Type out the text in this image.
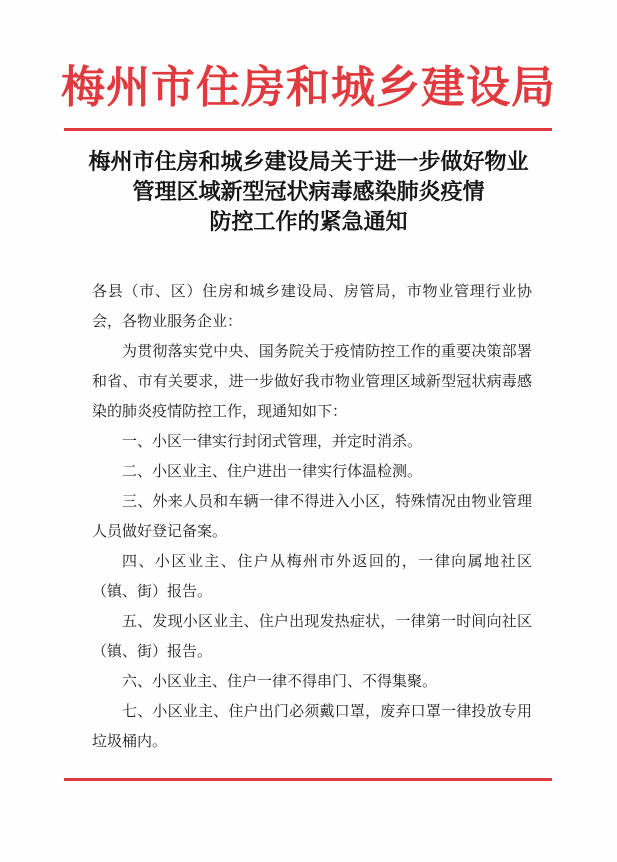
梅州市住房和城乡建设局
梅州市住房和城乡建设局关于进一步做好物业
管理区域新型冠状病毒感染肺炎疫情
防控工作的紧急通知

各县（市、区）住房和城乡建设局、房管局，市物业管理行业协会，各物业服务企业：

为贯彻落实党中央、国务院关于疫情防控工作的重要决策部署和省、市有关要求，进一步做好我市物业管理区域新型冠状病毒感染的肺炎疫情防控工作，现通知如下：

一、小区一律实行封闭式管理，并定时消杀。

二、小区业主、住户进出一律实行体温检测。

三、外来人员和车辆一律不得进入小区，特殊情况由物业管理人员做好登记备案。

四、小区业主、住户从梅州市外返回的，一律向属地社区（镇、街）报告。

五、发现小区业主、住户出现发热症状，一律第一时间向社区（镇、街）报告。

六、小区业主、住户一律不得串门、不得集聚。

七、小区业主、住户出门必须戴口罩，废弃口罩一律投放专用垃圾桶内。
